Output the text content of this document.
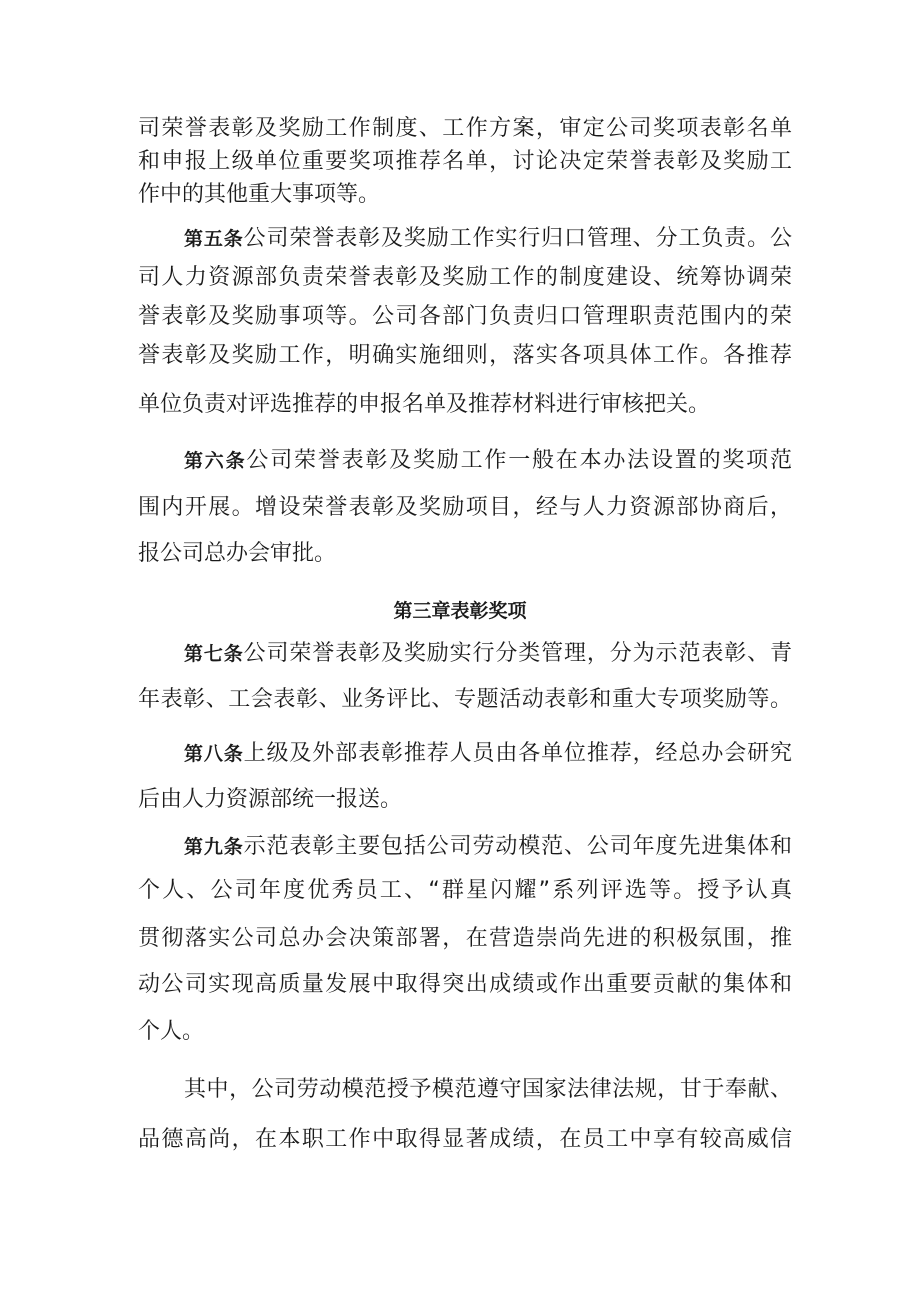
司荣誉表彰及奖励工作制度、工作方案，审定公司奖项表彰名单
和申报上级单位重要奖项推荐名单，讨论决定荣誉表彰及奖励工
作中的其他重大事项等。
第五条公司荣誉表彰及奖励工作实行归口管理、分工负责。公
司人力资源部负责荣誉表彰及奖励工作的制度建设、统筹协调荣
誉表彰及奖励事项等。公司各部门负责归口管理职责范围内的荣
誉表彰及奖励工作，明确实施细则，落实各项具体工作。各推荐
单位负责对评选推荐的申报名单及推荐材料进行审核把关。
第六条公司荣誉表彰及奖励工作一般在本办法设置的奖项范
围内开展。增设荣誉表彰及奖励项目，经与人力资源部协商后，
报公司总办会审批。
第三章表彰奖项
第七条公司荣誉表彰及奖励实行分类管理，分为示范表彰、青
年表彰、工会表彰、业务评比、专题活动表彰和重大专项奖励等。
第八条上级及外部表彰推荐人员由各单位推荐，经总办会研究
后由人力资源部统一报送。
第九条示范表彰主要包括公司劳动模范、公司年度先进集体和
个人、公司年度优秀员工、“群星闪耀”系列评选等。授予认真
贯彻落实公司总办会决策部署，在营造崇尚先进的积极氛围，推
动公司实现高质量发展中取得突出成绩或作出重要贡献的集体和
个人。
其中，公司劳动模范授予模范遵守国家法律法规，甘于奉献、
品德高尚，在本职工作中取得显著成绩，在员工中享有较高威信
